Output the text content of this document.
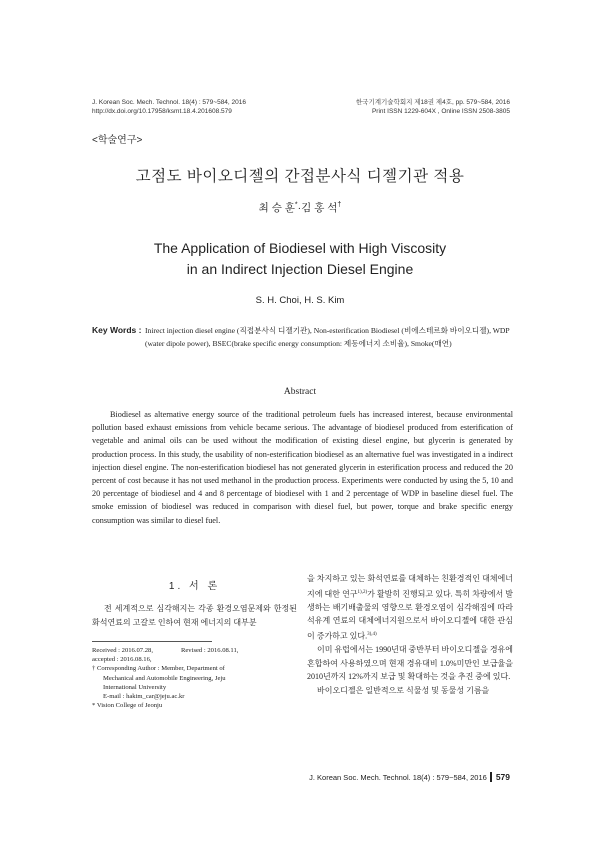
J. Korean Soc. Mech. Technol. 18(4) : 579~584, 2016
http://dx.doi.org/10.17958/ksmt.18.4.201608.579
한국기계기술학회지 제18권 제4호, pp. 579~584, 2016
Print ISSN 1229-604X , Online ISSN 2508-3805
<학술연구>
고점도 바이오디젤의 간접분사식 디젤기관 적용
최 승 훈*·김 홍 석†
The Application of Biodiesel with High Viscosity
in an Indirect Injection Diesel Engine
S. H. Choi, H. S. Kim
Key Words : Inirect injection diesel engine (직접분사식 디젤기관), Non-esterification Biodiesel (비에스테르화 바이오디젤), WDP (water dipole power), BSEC(brake specific energy consumption: 제동에너지 소비율), Smoke(매연)
Abstract
Biodiesel as alternative energy source of the traditional petroleum fuels has increased interest, because environmental pollution based exhaust emissions from vehicle became serious. The advantage of biodiesel produced from esterification of vegetable and animal oils can be used without the modification of existing diesel engine, but glycerin is generated by production process. In this study, the usability of non-esterification biodiesel as an alternative fuel was investigated in a indirect injection diesel engine. The non-esterification biodiesel has not generated glycerin in esterification process and reduced the 20 percent of cost because it has not used methanol in the production process. Experiments were conducted by using the 5, 10 and 20 percentage of biodiesel and 4 and 8 percentage of biodiesel with 1 and 2 percentage of WDP in baseline diesel fuel. The smoke emission of biodiesel was reduced in comparison with diesel fuel, but power, torque and brake specific energy consumption was similar to diesel fuel.
1. 서 론
전 세계적으로 심각해지는 각종 환경오염문제와 한정된 화석연료의 고갈로 인하여 현재 에너지의 대부분
Received : 2016.07.28,	Revised : 2016.08.11,
accepted : 2016.08.16,
† Corresponding Author : Member, Department of
Mechanical and Automobile Engineering, Jeju
International University
E-mail : hakim_car@jeju.ac.kr
* Vision College of Jeonju

을 차지하고 있는 화석연료를 대체하는 친환경적인 대체에너지에 대한 연구$^{1),2)}$가 활발히 진행되고 있다. 특히 차량에서 발생하는 배기배출물의 영향으로 환경오염이 심각해짐에 따라 석유계 연료의 대체에너지원으로서 바이오디젤에 대한 관심이 증가하고 있다.$^{3),4)}$

이미 유럽에서는 1990년대 중반부터 바이오디젤을 경유에 혼합하여 사용하였으며 현재 경유대비 1.0%미만인 보급율을 2010년까지 12%까지 보급 및 확대하는 것을 추진 중에 있다.

바이오디젤은 일반적으로 식물성 및 동물성 기름을

J. Korean Soc. Mech. Technol. 18(4) : 579~584, 2016 579
